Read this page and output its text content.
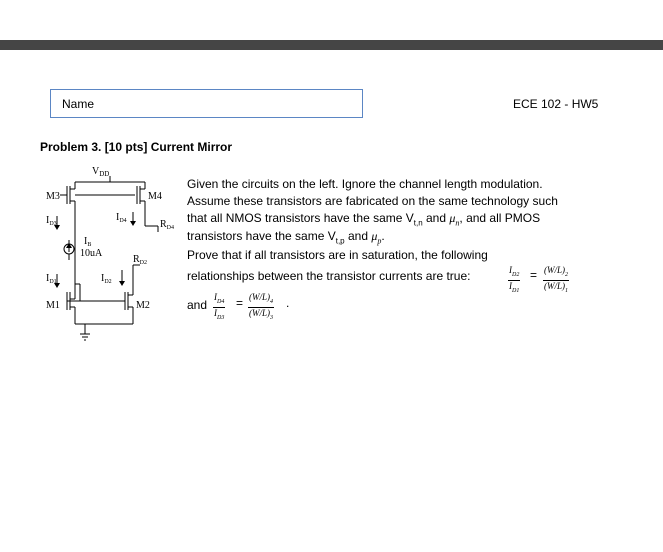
Name	ECE 102 - HW5
Problem 3. [10 pts] Current Mirror
$V_{DD}$
M3	M4
$I_{D3}$
$I_{D4}$	$R_{D4}$
$I_B$
10uA
$R_{D2}$
$I_{D1}$	$I_{D2}$
M1	M2
Given the circuits on the left. Ignore the channel length modulation.
Assume these transistors are fabricated on the same technology such
that all NMOS transistors have the same $V_{t,n}$ and $\mu_n$, and all PMOS
transistors have the same $V_{t,p}$ and $\mu_p$.
Prove that if all transistors are in saturation, the following
relationships between the transistor currents are true:	$\frac{I_{D2}}{I_{D1}} = \frac{(W/L)_2}{(W/L)_1}$
and $\frac{I_{D4}}{I_{D3}} = \frac{(W/L)_4}{(W/L)_3}$ .
